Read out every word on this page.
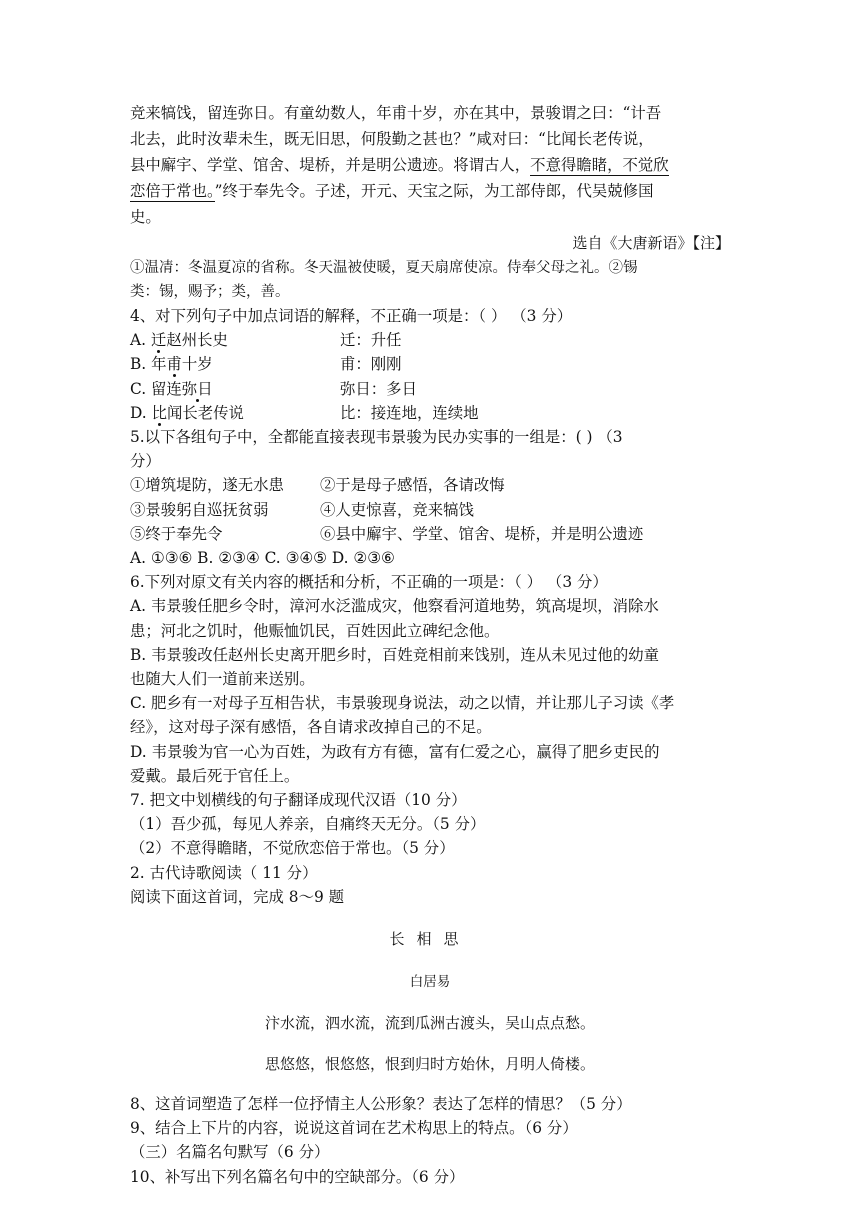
竞来犒饯，留连弥日。有童幼数人，年甫十岁，亦在其中，景骏谓之曰：“计吾

北去，此时汝辈未生，既无旧思，何殷勤之甚也？”咸对曰：“比闻长老传说，

县中廨宇、学堂、馆舍、堤桥，并是明公遗迹。将谓古人，不意得瞻睹，不觉欣

恋倍于常也。”终于奉先令。子述，开元、天宝之际，为工部侍郎，代吴兢修国

史。

选自《大唐新语》【注】

①温凊：冬温夏凉的省称。冬天温被使暖，夏天扇席使凉。侍奉父母之礼。②锡

类：锡，赐予；类，善。

4、对下列句子中加点词语的解释，不正确一项是：（ ） （3 分）

A. 迁赵州长史	迁：升任
B. 年甫十岁	甫：刚刚
C. 留连弥日	弥日：多日
D. 比闻长老传说	比：接连地，连续地

5.以下各组句子中，全都能直接表现韦景骏为民办实事的一组是：( ) （3

分）

①增筑堤防，遂无水患	②于是母子感悟，各请改悔
③景骏躬自巡抚贫弱	④人吏惊喜，竞来犒饯
⑤终于奉先令	⑥县中廨宇、学堂、馆舍、堤桥，并是明公遗迹

A. ①③⑥ B. ②③④ C. ③④⑤ D. ②③⑥

6.下列对原文有关内容的概括和分析，不正确的一项是：（ ） （3 分）

A. 韦景骏任肥乡令时，漳河水泛滥成灾，他察看河道地势，筑高堤坝，消除水

患；河北之饥时，他赈恤饥民，百姓因此立碑纪念他。

B. 韦景骏改任赵州长史离开肥乡时，百姓竞相前来饯别，连从未见过他的幼童

也随大人们一道前来送别。

C. 肥乡有一对母子互相告状，韦景骏现身说法，动之以情，并让那儿子习读《孝

经》，这对母子深有感悟，各自请求改掉自己的不足。

D. 韦景骏为官一心为百姓，为政有方有德，富有仁爱之心，赢得了肥乡吏民的

爱戴。最后死于官任上。

7. 把文中划横线的句子翻译成现代汉语（10 分）

（1）吾少孤，每见人养亲，自痛终天无分。（5 分）

（2）不意得瞻睹，不觉欣恋倍于常也。（5 分）

2. 古代诗歌阅读（ 11 分）

阅读下面这首词，完成 8～9 题

长相思

白居易

汴水流，泗水流，流到瓜洲古渡头，吴山点点愁。

思悠悠，恨悠悠，恨到归时方始休，月明人倚楼。

8、这首词塑造了怎样一位抒情主人公形象？表达了怎样的情思？（5 分）

9、结合上下片的内容，说说这首词在艺术构思上的特点。（6 分）

（三）名篇名句默写（6 分）

10、补写出下列名篇名句中的空缺部分。（6 分）
